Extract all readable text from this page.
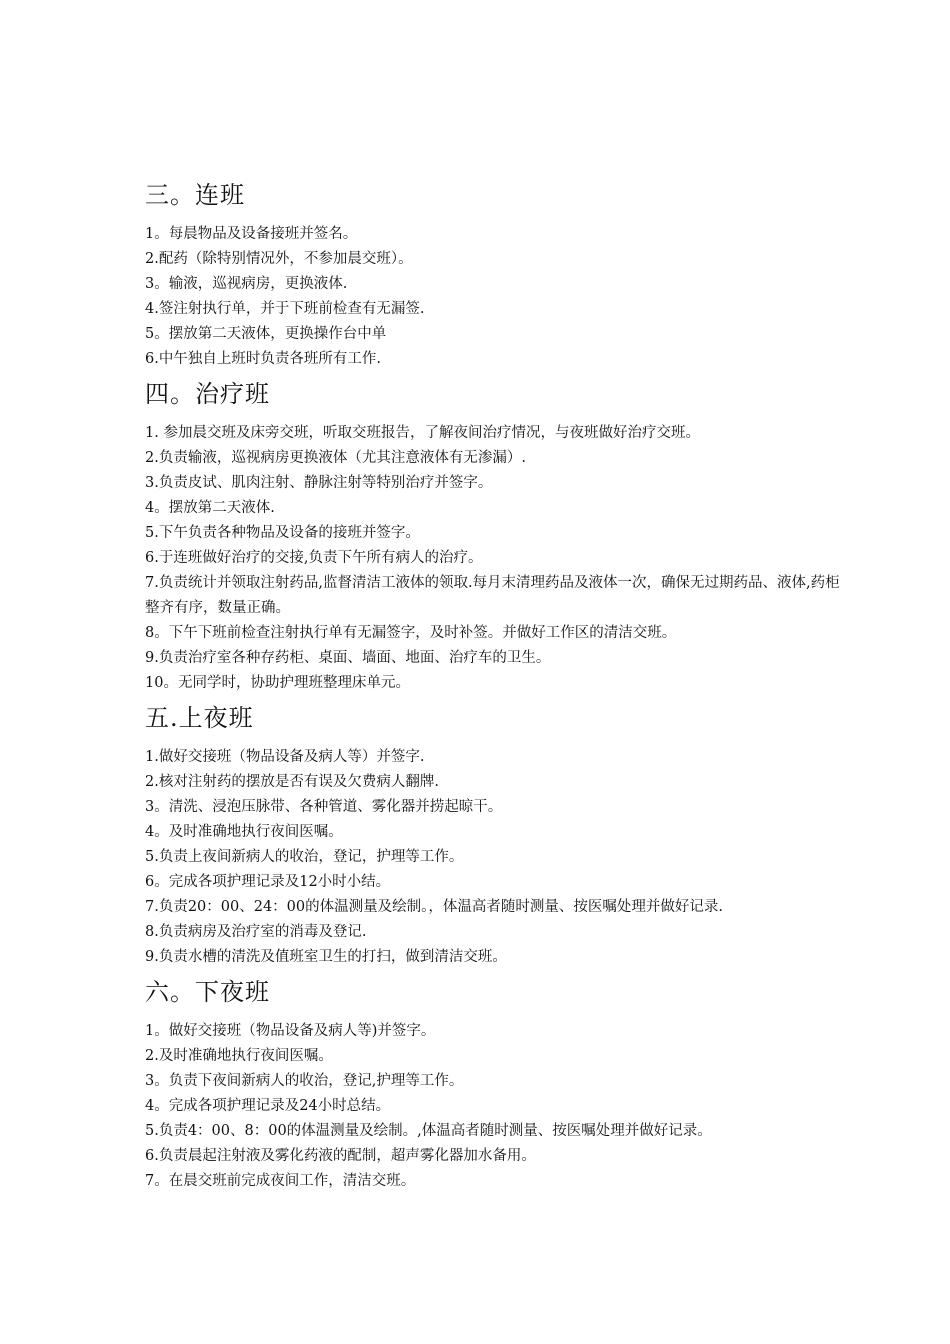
三。连班
1。每晨物品及设备接班并签名。
2.配药（除特别情况外，不参加晨交班）。
3。输液，巡视病房，更换液体.
4.签注射执行单，并于下班前检查有无漏签.
5。摆放第二天液体，更换操作台中单
6.中午独自上班时负责各班所有工作.
四。治疗班
1. 参加晨交班及床旁交班，听取交班报告，了解夜间治疗情况，与夜班做好治疗交班。
2.负责输液，巡视病房更换液体（尤其注意液体有无渗漏）.
3.负责皮试、肌肉注射、静脉注射等特别治疗并签字。
4。摆放第二天液体.
5.下午负责各种物品及设备的接班并签字。
6.于连班做好治疗的交接,负责下午所有病人的治疗。
7.负责统计并领取注射药品,监督清洁工液体的领取.每月末清理药品及液体一次，确保无过期药品、液体,药柜整齐有序，数量正确。
8。下午下班前检查注射执行单有无漏签字，及时补签。并做好工作区的清洁交班。
9.负责治疗室各种存药柜、桌面、墙面、地面、治疗车的卫生。
10。无同学时，协助护理班整理床单元。
五.上夜班
1.做好交接班（物品设备及病人等）并签字.
2.核对注射药的摆放是否有误及欠费病人翻牌.
3。清洗、浸泡压脉带、各种管道、雾化器并捞起晾干。
4。及时准确地执行夜间医嘱。
5.负责上夜间新病人的收治，登记，护理等工作。
6。完成各项护理记录及12小时小结。
7.负责20：00、24：00的体温测量及绘制。，体温高者随时测量、按医嘱处理并做好记录.
8.负责病房及治疗室的消毒及登记.
9.负责水槽的清洗及值班室卫生的打扫，做到清洁交班。
六。下夜班
1。做好交接班（物品设备及病人等)并签字。
2.及时准确地执行夜间医嘱。
3。负责下夜间新病人的收治，登记,护理等工作。
4。完成各项护理记录及24小时总结。
5.负责4：00、8：00的体温测量及绘制。,体温高者随时测量、按医嘱处理并做好记录。
6.负责晨起注射液及雾化药液的配制，超声雾化器加水备用。
7。在晨交班前完成夜间工作，清洁交班。
